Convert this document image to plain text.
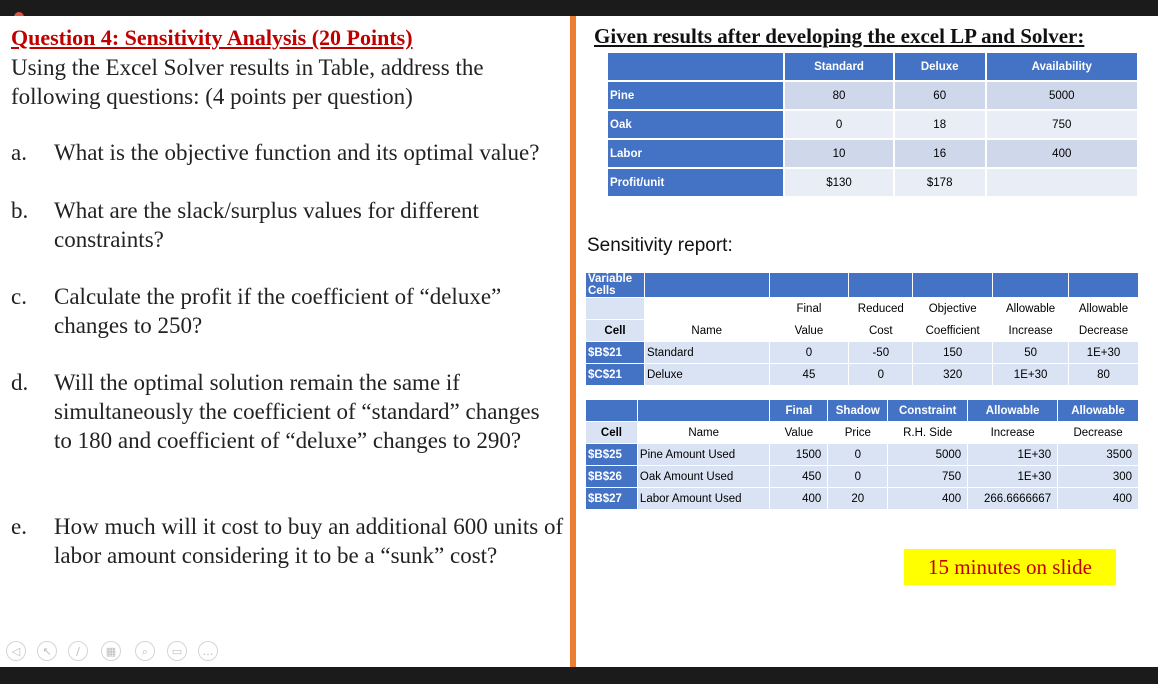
Question 4: Sensitivity Analysis (20 Points)
Using the Excel Solver results in Table, address the following questions: (4 points per question)
a.	What is the objective function and its optimal value?
b.	What are the slack/surplus values for different constraints?
c.	Calculate the profit if the coefficient of “deluxe” changes to 250?
d.	Will the optimal solution remain the same if simultaneously the coefficient of “standard” changes to 180 and coefficient of “deluxe” changes to 290?
e.	How much will it cost to buy an additional 600 units of labor amount considering it to be a “sunk” cost?
Given results after developing the excel LP and Solver:
	Standard	Deluxe	Availability
Pine	80	60	5000
Oak	0	18	750
Labor	10	16	400
Profit/unit	$130	$178	
Sensitivity report:
Variable Cells						
		Final	Reduced	Objective	Allowable	Allowable
Cell	Name	Value	Cost	Coefficient	Increase	Decrease
$B$21	Standard	0	-50	150	50	1E+30
$C$21	Deluxe	45	0	320	1E+30	80
		Final	Shadow	Constraint	Allowable	Allowable
Cell	Name	Value	Price	R.H. Side	Increase	Decrease
$B$25	Pine Amount Used	1500	0	5000	1E+30	3500
$B$26	Oak Amount Used	450	0	750	1E+30	300
$B$27	Labor Amount Used	400	20	400	266.6666667	400
15 minutes on slide
◁	↖	∕	▦	⌕	▭	…
